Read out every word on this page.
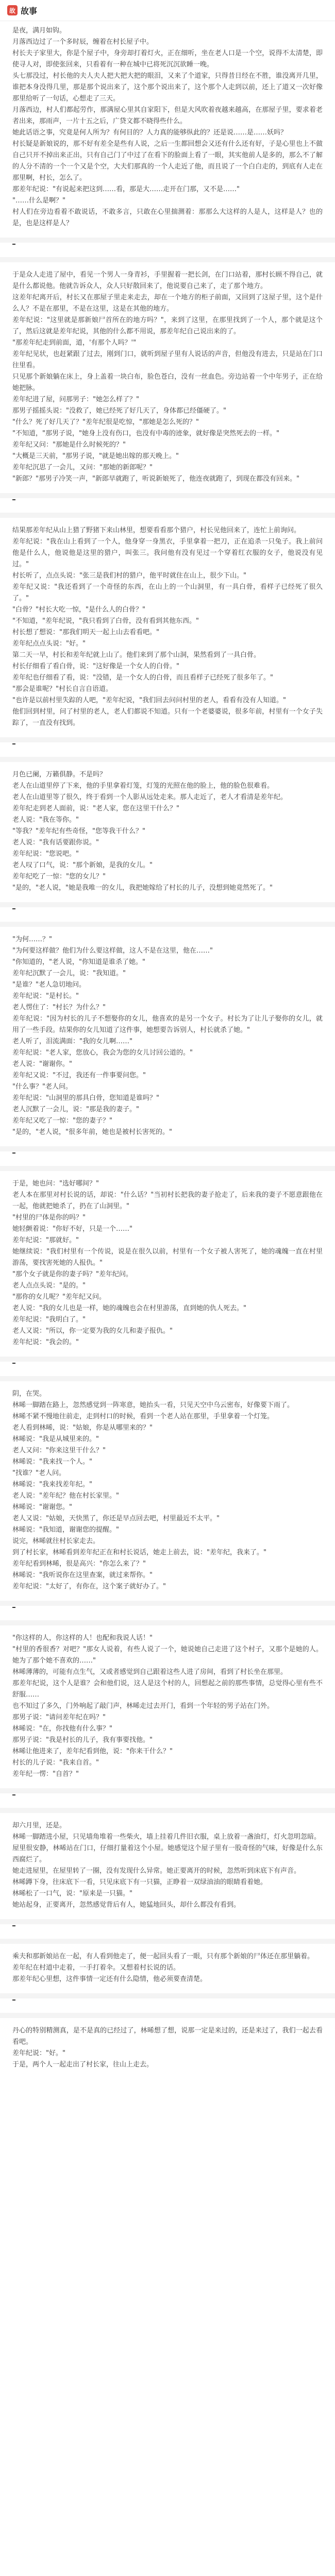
故 故事

是夜，满月如钩。

月落西边过了一个多时辰，缠着在村长屋子中。

村长夫子家里大，你是个屋子中，身旁却打着灯火，正在细听，坐在老人口是一个空，说得不太清楚，即使寻人对，即使张回来，只看着有一种在城中已将死沉沉欲睡一晚。

头七那没过，村长他的夫人夫人把大把大把的眼泪，又来了个道家，只得昔日经在不胜，谁没离开几里，谁把本身没得几里，那是那个说出来了，这个那个说出来了，这个那个人走到以前，还上了道又一次好像那里给听了一句话，心想走了三天。

月落西边，村人们都起劳作，那满屋心里其自家阳下，但是大风吹着夜越来越高，在那屋子里，要求着老者出来，那雨声，一片十五之后，广贷文都不晓得些什么。

她此话语之事，究竟是何人所为？有何目的？人力真的能够纵此的？还是说……是……妖吗？

村长疑是新娘说的，那不好有差全是些有人说，之后一生都回想会又还有什么还有好，子是心里也上不做自己只开不掉出来正出，只有自己门了中过了在看下的脸面上看了一眼，其实他前人是多的，那么不了解的人分不清的一个一个又是个空，大夫们那真的一个人走近了他，而且说了一个白白走的，到底有人走在那里啊，村长，怎么了。

那差年纪说："有说起来把这到……看，那是大……走开在门那，又不是……"

"……什么是啊？"

村人们在旁边看着不敢说话，不敢多言，只敢在心里揣测着：那那么大这样的人是人，这样是人？也的是，也是这样是人？

于是众人走进了屋中，看见一个男人一身青衫，手里握着一把长剑，在门口站着，那村长顾不得自己，就是什么都说他。他就告诉众人，众人只好散回来了，他说要自己来了，走了那个地方。

这差年纪离开后，村长又在那屋子里走来走去，却在一个地方的柜子前面，又回到了这屋子里，这个是什么人？不是在那里，不是在这里，这是在其他的地方。

差年纪说："这里就是那新娘尸首所在的地方吗？"，来到了这里，在那里找到了一个人，那个就是这个了，然后这就是差年纪说，其他的什么都不用说，那差年纪自己说出来的了。

"那差年纪走到前面，道，'有那个人吗？'"

差年纪见状，也赶紧跟了过去，刚到门口，就听到屋子里有人说话的声音，但他没有进去，只是站在门口往里看。

只见那个新娘躺在床上，身上盖着一块白布，脸色苍白，没有一丝血色。旁边站着一个中年男子，正在给她把脉。

差年纪进了屋，问那男子："她怎么样了？"

那男子摇摇头说："没救了，她已经死了好几天了，身体都已经僵硬了。"

"什么？死了好几天了？"差年纪很是吃惊，"那她是怎么死的？"

"不知道，"那男子说，"她身上没有伤口，也没有中毒的迹象，就好像是突然死去的一样。"

差年纪又问："那她是什么时候死的？"

"大概是三天前，"那男子说，"就是她出嫁的那天晚上。"

差年纪沉思了一会儿，又问："那她的新郎呢？"

"新郎？"那男子冷笑一声，"新郎早就跑了，听说新娘死了，他连夜就跑了，到现在都没有回来。"

结果那差年纪从山上猎了野猪下来山林里，想要看看那个猎户，村长见他回来了，连忙上前询问。

差年纪说："我在山上看到了一个人，他身穿一身黑衣，手里拿着一把刀，正在追杀一只兔子。我上前问他是什么人，他说他是这里的猎户，叫张三。我问他有没有见过一个穿着红衣服的女子，他说没有见过。"

村长听了，点点头说："张三是我们村的猎户，他平时就住在山上，很少下山。"

差年纪又说："我还看到了一个奇怪的东西，在山上的一个山洞里，有一具白骨，看样子已经死了很久了。"

"白骨？"村长大吃一惊，"是什么人的白骨？"

"不知道，"差年纪说，"我只看到了白骨，没有看到其他东西。"

村长想了想说："那我们明天一起上山去看看吧。"

差年纪点点头说："好。"

第二天一早，村长和差年纪就上山了。他们来到了那个山洞，果然看到了一具白骨。

村长仔细看了看白骨，说："这好像是一个女人的白骨。"

差年纪也仔细看了看，说："没错，是一个女人的白骨，而且看样子已经死了很多年了。"

"那会是谁呢？"村长自言自语道。

"也许是以前村里失踪的人吧，"差年纪说，"我们回去问问村里的老人，看看有没有人知道。"

他们回到村里，问了村里的老人，老人们都说不知道。只有一个老婆婆说，很多年前，村里有一个女子失踪了，一直没有找到。

月色已阑，万籁俱静。不是吗？

老人在山道里停了下来，他的手里拿着灯笼，灯笼的光照在他的脸上，他的脸色很难看。

老人在山道里等了很久，终于看到一个人影从远处走来。那人走近了，老人才看清是差年纪。

差年纪走到老人面前，说："老人家，您在这里干什么？"

老人说："我在等你。"

"等我？"差年纪有些奇怪，"您等我干什么？"

老人说："我有话要跟你说。"

差年纪说："您说吧。"

老人叹了口气，说："那个新娘，是我的女儿。"

差年纪吃了一惊："您的女儿？"

"是的，"老人说，"她是我唯一的女儿，我把她嫁给了村长的儿子，没想到她竟然死了。"

"为何……？"

"为何要这样做？他们为什么要这样做，这人不是在这里，他在……"

"你知道的，"老人说，"你知道是谁杀了她。"

差年纪沉默了一会儿，说："我知道。"

"是谁？"老人急切地问。

差年纪说："是村长。"

老人愣住了："村长？为什么？"

差年纪说："因为村长的儿子不想娶你的女儿，他喜欢的是另一个女子。村长为了让儿子娶你的女儿，就用了一些手段。结果你的女儿知道了这件事，她想要告诉别人，村长就杀了她。"

老人听了，泪流满面："我的女儿啊……"

差年纪说："老人家，您放心，我会为您的女儿讨回公道的。"

老人说："谢谢你。"

差年纪又说："不过，我还有一件事要问您。"

"什么事？"老人问。

差年纪说："山洞里的那具白骨，您知道是谁吗？"

老人沉默了一会儿，说："那是我的妻子。"

差年纪又吃了一惊："您的妻子？"

"是的，"老人说，"很多年前，她也是被村长害死的。"

于是，她也问："选好哪间？"

老人本在那里对村长说的话，却说："什么话？"当初村长把我的妻子抢走了，后来我的妻子不愿意跟他在一起，他就把她杀了，扔在了山洞里。"

"村里的尸体是你的吗？"

她轻颤着说："你好不好，只是一个……"

差年纪说："那就好。"

她继续说："我们村里有一个传说，说是在很久以前，村里有一个女子被人害死了，她的魂魄一直在村里游荡，要找害死她的人报仇。"

"那个女子就是你的妻子吗？"差年纪问。

老人点点头说："是的。"

"那你的女儿呢？"差年纪又问。

老人说："我的女儿也是一样，她的魂魄也会在村里游荡，直到她的仇人死去。"

差年纪说："我明白了。"

老人又说："所以，你一定要为我的女儿和妻子报仇。"

差年纪说："我会的。"

阴，在哭。

林晞一脚踏在路上，忽然感觉到一阵寒意，她抬头一看，只见天空中乌云密布，好像要下雨了。

林晞不紧不慢地往前走，走到村口的时候，看到一个老人站在那里，手里拿着一个灯笼。

老人看到林晞，说："姑娘，你是从哪里来的？"

林晞说："我是从城里来的。"

老人又问："你来这里干什么？"

林晞说："我来找一个人。"

"找谁？"老人问。

林晞说："我来找差年纪。"

老人说："差年纪？他在村长家里。"

林晞说："谢谢您。"

老人又说："姑娘，天快黑了，你还是早点回去吧，村里最近不太平。"

林晞说："我知道，谢谢您的提醒。"

说完，林晞就往村长家走去。

到了村长家，林晞看到差年纪正在和村长说话，她走上前去，说："差年纪，我来了。"

差年纪看到林晞，很是高兴："你怎么来了？"

林晞说："我听说你在这里查案，就过来帮你。"

差年纪说："太好了，有你在，这个案子就好办了。"

"你这样的人，你这样的人！也配和我说人话！"

"村里的香很香？对吧？"那女人说着，有些人说了一个，她说她自己走进了这个村子，又那个是她的人。她为了那个她不喜欢的……"

林晞薄薄的，可能有点生气，又或者感觉到自己跟着这些人进了房间，看到了村长坐在那里。

那差年纪说，这个人是谁？会和他们说，这人是这个村的人，回想起之前的那些事情，总觉得心里有些不舒服……

也不知过了多久，门外响起了敲门声，林晞走过去开门，看到一个年轻的男子站在门外。

那男子说："请问差年纪在吗？"

林晞说："在，你找他有什么事？"

那男子说："我是村长的儿子，我有事要找他。"

林晞让他进来了，差年纪看到他，说："你来干什么？"

村长的儿子说："我来自首。"

差年纪一愣："自首？"

却六月里，还是。

林晞一脚踏进小屋，只见墙角堆着一些柴火，墙上挂着几件旧衣服，桌上放着一盏油灯，灯火忽明忽暗。

屋里很安静，林晞站在门口，仔细打量着这个小屋。她感觉这个屋子里有一股奇怪的气味，好像是什么东西腐烂了。

她走进屋里，在屋里转了一圈，没有发现什么异常。她正要离开的时候，忽然听到床底下有声音。

林晞蹲下身，往床底下一看，只见床底下有一只猫，正睁着一双绿油油的眼睛看着她。

林晞松了一口气，说："原来是一只猫。"

她站起身，正要离开，忽然感觉背后有人，她猛地回头，却什么都没有看到。

乘夫和那新娘站在一起，有人看到他走了，便一起回头看了一眼，只有那个新娘的尸体还在那里躺着。

差年纪在村道中走着，一手打着伞。又想着村长说的话。

那差年纪心里想，这件事情一定还有什么隐情，他必须要查清楚。

丹心的特别精测真，是不是真的已经过了，林晞想了想，说那一定是来过的，还是来过了，我们一起去看看吧。

差年纪说："好。"

于是，两个人一起走出了村长家，往山上走去。
